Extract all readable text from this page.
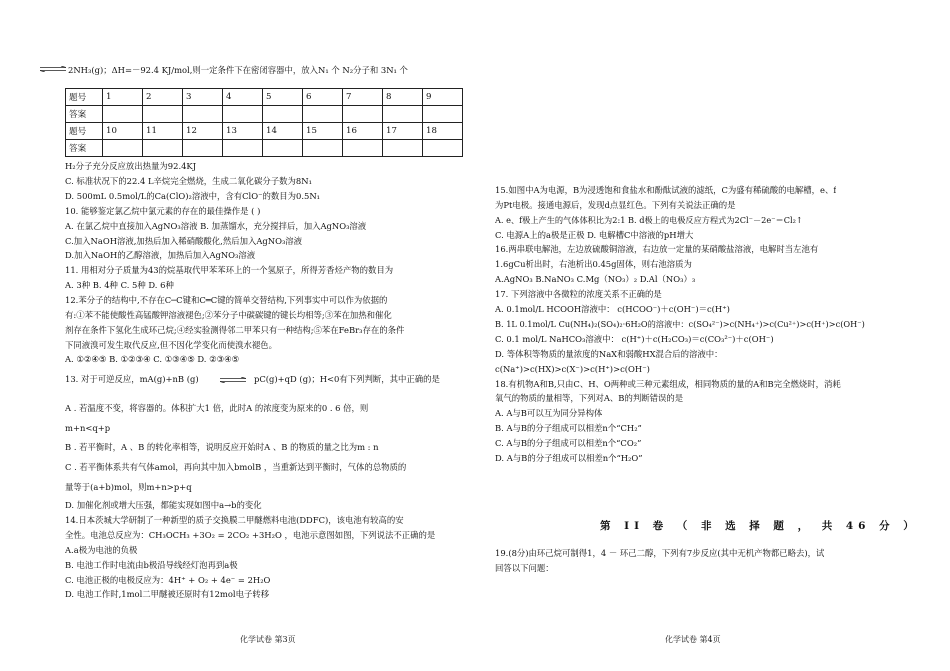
⇌ 2NH₃(g)；ΔH=－92.4 KJ/mol,则一定条件下在密闭容器中，放入N₁ 个 N₂分子和 3N₁ 个
题号	1	2	3	4	5	6	7	8	9
答案									
题号	10	11	12	13	14	15	16	17	18
答案									
H₂分子充分反应放出热量为92.4KJ
C. 标准状况下的22.4 L辛烷完全燃烧，生成二氧化碳分子数为8N₁
D. 500mL 0.5mol/L的Ca(ClO)₂溶液中，含有ClO⁻的数目为0.5N₁
10. 能够鉴定氯乙烷中氯元素的存在的最佳操作是 ( )
A. 在氯乙烷中直接加入AgNO₃溶液 B. 加蒸馏水，充分搅拌后，加入AgNO₃溶液
C.加入NaOH溶液,加热后加入稀硝酸酸化,然后加入AgNO₃溶液
D.加入NaOH的乙醇溶液，加热后加入AgNO₃溶液
11. 用相对分子质量为43的烷基取代甲苯苯环上的一个氢原子，所得芳香烃产物的数目为
A. 3种 B. 4种 C. 5种 D. 6种
12.苯分子的结构中,不存在C─C键和C═C键的简单交替结构,下列事实中可以作为依据的
有:①苯不能使酸性高锰酸钾溶液褪色;②苯分子中碳碳键的键长均相等;③苯在加热和催化
剂存在条件下氢化生成环己烷;④经实验测得邻二甲苯只有一种结构;⑤苯在FeBr₃存在的条件
下同液溴可发生取代反应,但不因化学变化而使溴水褪色。
A. ①②④⑤ B. ①②③④ C. ①③④⑤ D. ②③④⑤
13. 对于可逆反应，mA(g)+nB (g) ⇌ pC(g)+qD (g)；H<0有下列判断，其中正确的是
A . 若温度不变，将容器的。体积扩大1 倍，此时A 的浓度变为原来的0 . 6 倍，则
m+n<q+p
B . 若平衡时，A 、B 的转化率相等，说明反应开始时A 、B 的物质的量之比为m : n
C . 若平衡体系共有气体amol，再向其中加入bmolB ，当重新达到平衡时，气体的总物质的
量等于(a+b)mol，则m+n>p+q
D. 加催化剂或增大压强，都能实现如图中a→b的变化
14.日本茨城大学研制了一种新型的质子交换膜二甲醚燃料电池(DDFC)，该电池有较高的安
全性。电池总反应为：CH₃OCH₃ +3O₂ = 2CO₂ +3H₂O ，电池示意图如图，下列说法不正确的是
A.a极为电池的负极
B. 电池工作时电流由b极沿导线经灯泡再到a极
C. 电池正极的电极反应为：4H⁺ + O₂ + 4e⁻ = 2H₂O
D. 电池工作时,1mol二甲醚被还原时有12mol电子转移
15.如图中A为电源，B为浸透饱和食盐水和酚酞试液的滤纸，C为盛有稀硫酸的电解槽，e、f
为Pt电极。接通电源后，发现d点显红色。下列有关说法正确的是
A. e、f极上产生的气体体积比为2:1 B. d极上的电极反应方程式为2Cl⁻－2e⁻＝Cl₂↑
C. 电源A上的a极是正极 D. 电解槽C中溶液的pH增大
16.两串联电解池，左边放硫酸铜溶液，右边放一定量的某硝酸盐溶液，电解时当左池有
1.6gCu析出时，右池析出0.45g固体，则右池溶质为
A.AgNO₃ B.NaNO₃ C.Mg（NO₃）₂ D.Al（NO₃）₃
17. 下列溶液中各微粒的浓度关系不正确的是
A. 0.1mol/L HCOOH溶液中： c(HCOO⁻)＋c(OH⁻)＝c(H⁺)
B. 1L 0.1mol/L Cu(NH₄)₂(SO₄)₂·6H₂O的溶液中：c(SO₄²⁻)>c(NH₄⁺)>c(Cu²⁺)>c(H⁺)>c(OH⁻)
C. 0.1 mol/L NaHCO₃溶液中： c(H⁺)＋c(H₂CO₃)＝c(CO₃²⁻)＋c(OH⁻)
D. 等体积等物质的量浓度的NaX和弱酸HX混合后的溶液中：
c(Na⁺)>c(HX)>c(X⁻)>c(H⁺)>c(OH⁻)
18.有机物A和B,只由C、H、O两种或三种元素组成，相同物质的量的A和B完全燃烧时，消耗
氧气的物质的量相等，下列对A、B的判断错误的是
A. A与B可以互为同分异构体
B. A与B的分子组成可以相差n个“CH₂”
C. A与B的分子组成可以相差n个“CO₂”
D. A与B的分子组成可以相差n个“H₂O”
第 II 卷 （ 非 选 择 题 ， 共 46 分 ）
19.(8分)由环己烷可制得1，4 － 环己二醇，下列有7步反应(其中无机产物都已略去)，试
回答以下问题：
化学试卷 第3页	化学试卷 第4页
